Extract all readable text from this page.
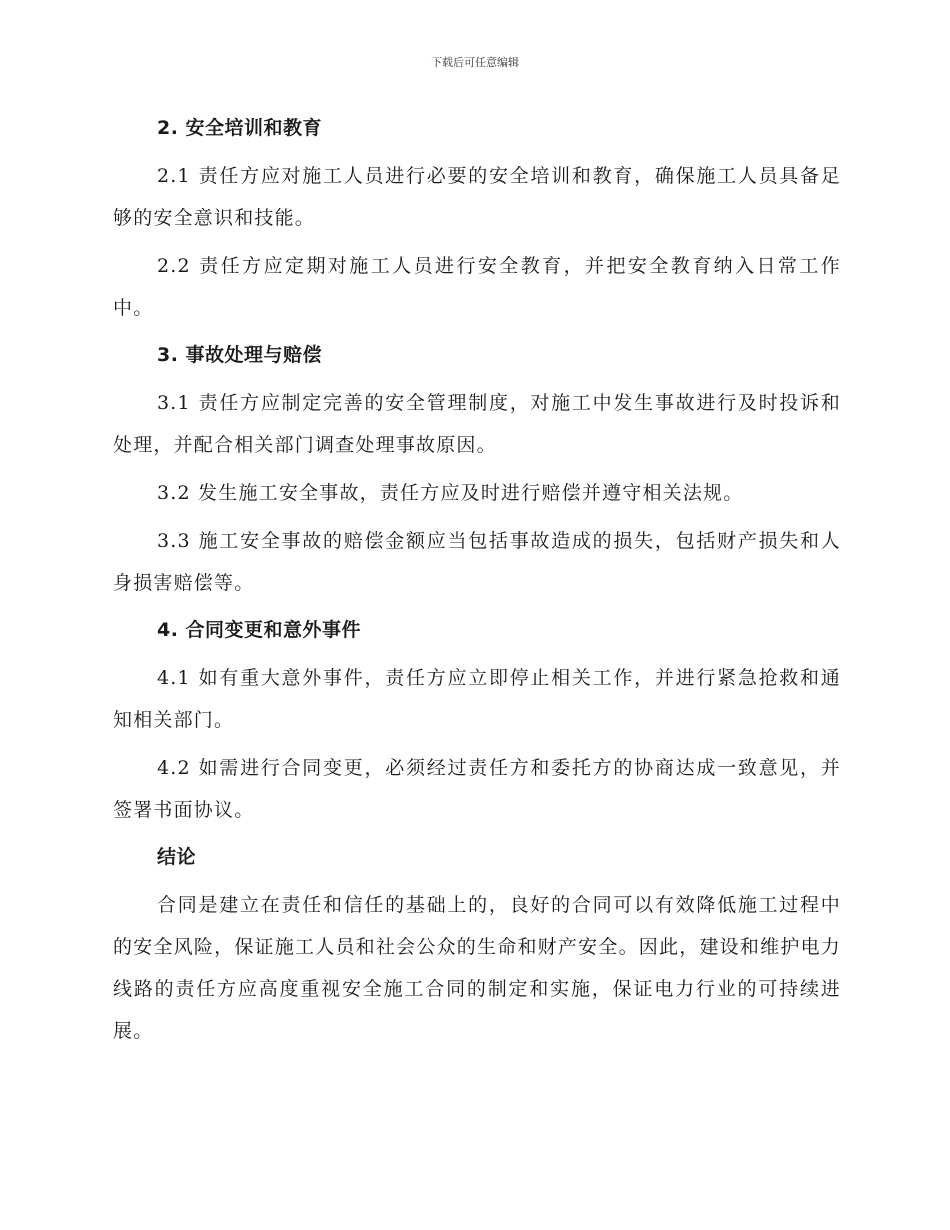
下载后可任意编辑
2. 安全培训和教育

2.1 责任方应对施工人员进行必要的安全培训和教育，确保施工人员具备足够的安全意识和技能。

2.2 责任方应定期对施工人员进行安全教育，并把安全教育纳入日常工作中。

3. 事故处理与赔偿

3.1 责任方应制定完善的安全管理制度，对施工中发生事故进行及时投诉和处理，并配合相关部门调查处理事故原因。

3.2 发生施工安全事故，责任方应及时进行赔偿并遵守相关法规。

3.3 施工安全事故的赔偿金额应当包括事故造成的损失，包括财产损失和人身损害赔偿等。

4. 合同变更和意外事件

4.1 如有重大意外事件，责任方应立即停止相关工作，并进行紧急抢救和通知相关部门。

4.2 如需进行合同变更，必须经过责任方和委托方的协商达成一致意见，并签署书面协议。

结论

合同是建立在责任和信任的基础上的，良好的合同可以有效降低施工过程中的安全风险，保证施工人员和社会公众的生命和财产安全。因此，建设和维护电力线路的责任方应高度重视安全施工合同的制定和实施，保证电力行业的可持续进展。
